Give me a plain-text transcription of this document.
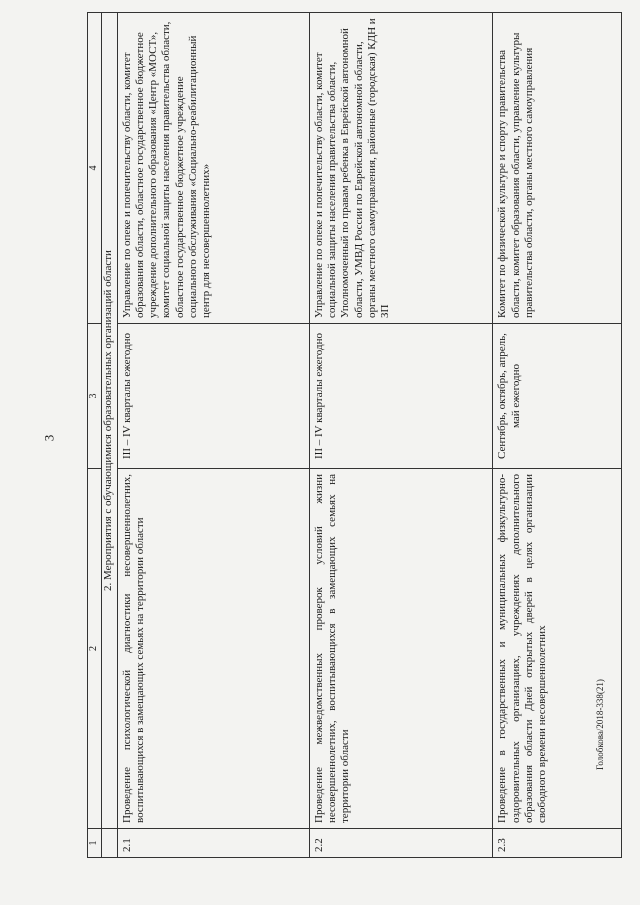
3
Голобкова/2018-338(21)
1	2	3	4
	2. Мероприятия с обучающимися образовательных организаций области		
2.1	Проведение психологической диагностики несовершеннолетних, воспитывающихся в замещающих семьях на территории области	III – IV кварталы ежегодно	Управление по опеке и попечительству области, комитет образования области, областное государственное бюджетное учреждение дополнительного образования «Центр «МОСТ», комитет социальной защиты населения правительства области, областное государственное бюджетное учреждение социального обслуживания «Социально-реабилитационный центр для несовершеннолетних»
2.2	Проведение межведомственных проверок условий жизни несовершеннолетних, воспитывающихся в замещающих семьях на территории области	III – IV кварталы ежегодно	Управление по опеке и попечительству области, комитет социальной защиты населения правительства области, Уполномоченный по правам ребенка в Еврейской автономной области, УМВД России по Еврейской автономной области, органы местного самоуправления, районные (городская) КДН и ЗП
2.3	Проведение в государственных и муниципальных физкультурно-оздоровительных организациях, учреждениях дополнительного образования области Дней открытых дверей в целях организации свободного времени несовершеннолетних	Сентябрь, октябрь, апрель, май ежегодно	Комитет по физической культуре и спорту правительства области, комитет образования области, управление культуры правительства области, органы местного самоуправления
